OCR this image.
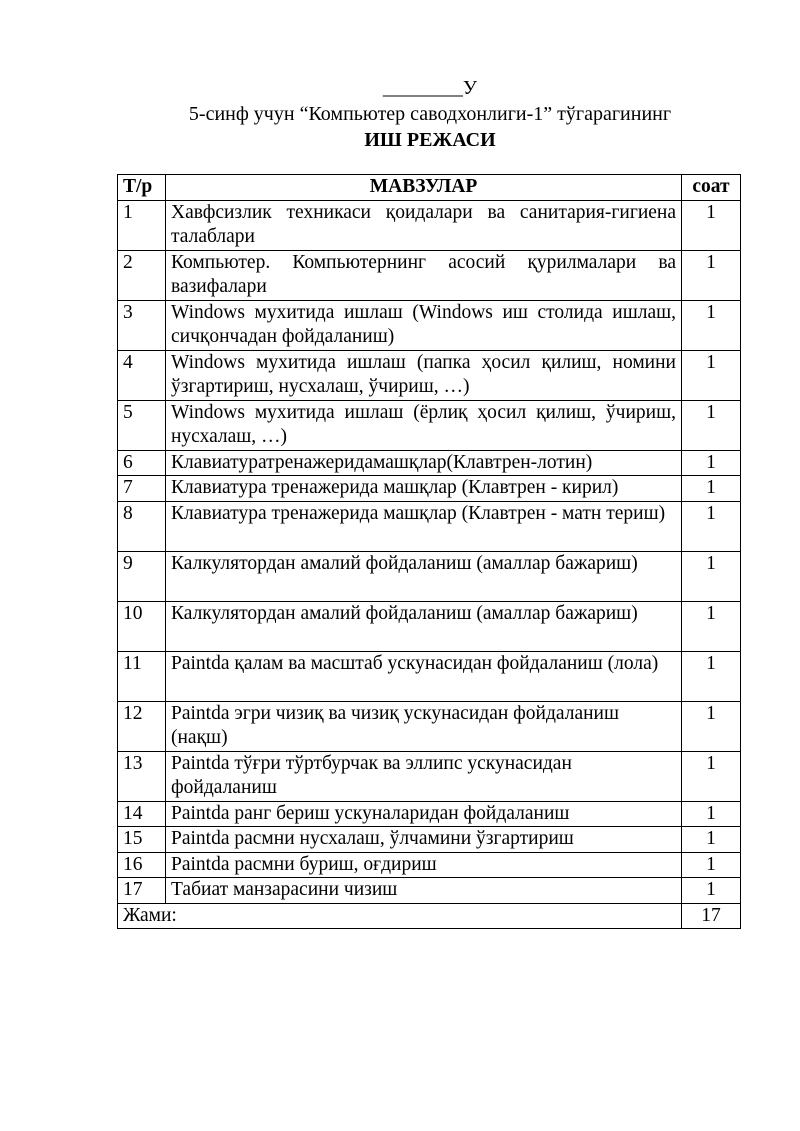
________У
5-синф учун “Компьютер саводхонлиги-1” тўгарагининг
ИШ РЕЖАСИ
Т/р	МАВЗУЛАР	соат
1	Хавфсизлик техникаси қоидалари ва санитария-гигиена талаблари	1
2	Компьютер. Компьютернинг асосий қурилмалари ва вазифалари	1
3	Windows мухитида ишлаш (Windows иш столида ишлаш, сичқончадан фойдаланиш)	1
4	Windows мухитида ишлаш (папка ҳосил қилиш, номини ўзгартириш, нусхалаш, ўчириш, …)	1
5	Windows мухитида ишлаш (ёрлиқ ҳосил қилиш, ўчириш, нусхалаш, …)	1
6	Клавиатуратренажеридамашқлар(Клавтрен-лотин)	1
7	Клавиатура тренажерида машқлар (Клавтрен - кирил)	1
8	Клавиатура тренажерида машқлар (Клавтрен - матн териш)	1
9	Калкулятордан амалий фойдаланиш (амаллар бажариш)	1
10	Калкулятордан амалий фойдаланиш (амаллар бажариш)	1
11	Paintda қалам ва масштаб ускунасидан фойдаланиш (лола)	1
12	Paintda эгри чизиқ ва чизиқ ускунасидан фойдаланиш (нақш)	1
13	Paintda тўғри тўртбурчак ва эллипс ускунасидан фойдаланиш	1
14	Paintda ранг бериш ускуналаридан фойдаланиш	1
15	Paintda расмни нусхалаш, ўлчамини ўзгартириш	1
16	Paintda расмни буриш, оғдириш	1
17	Табиат манзарасини чизиш	1
Жами:		17
